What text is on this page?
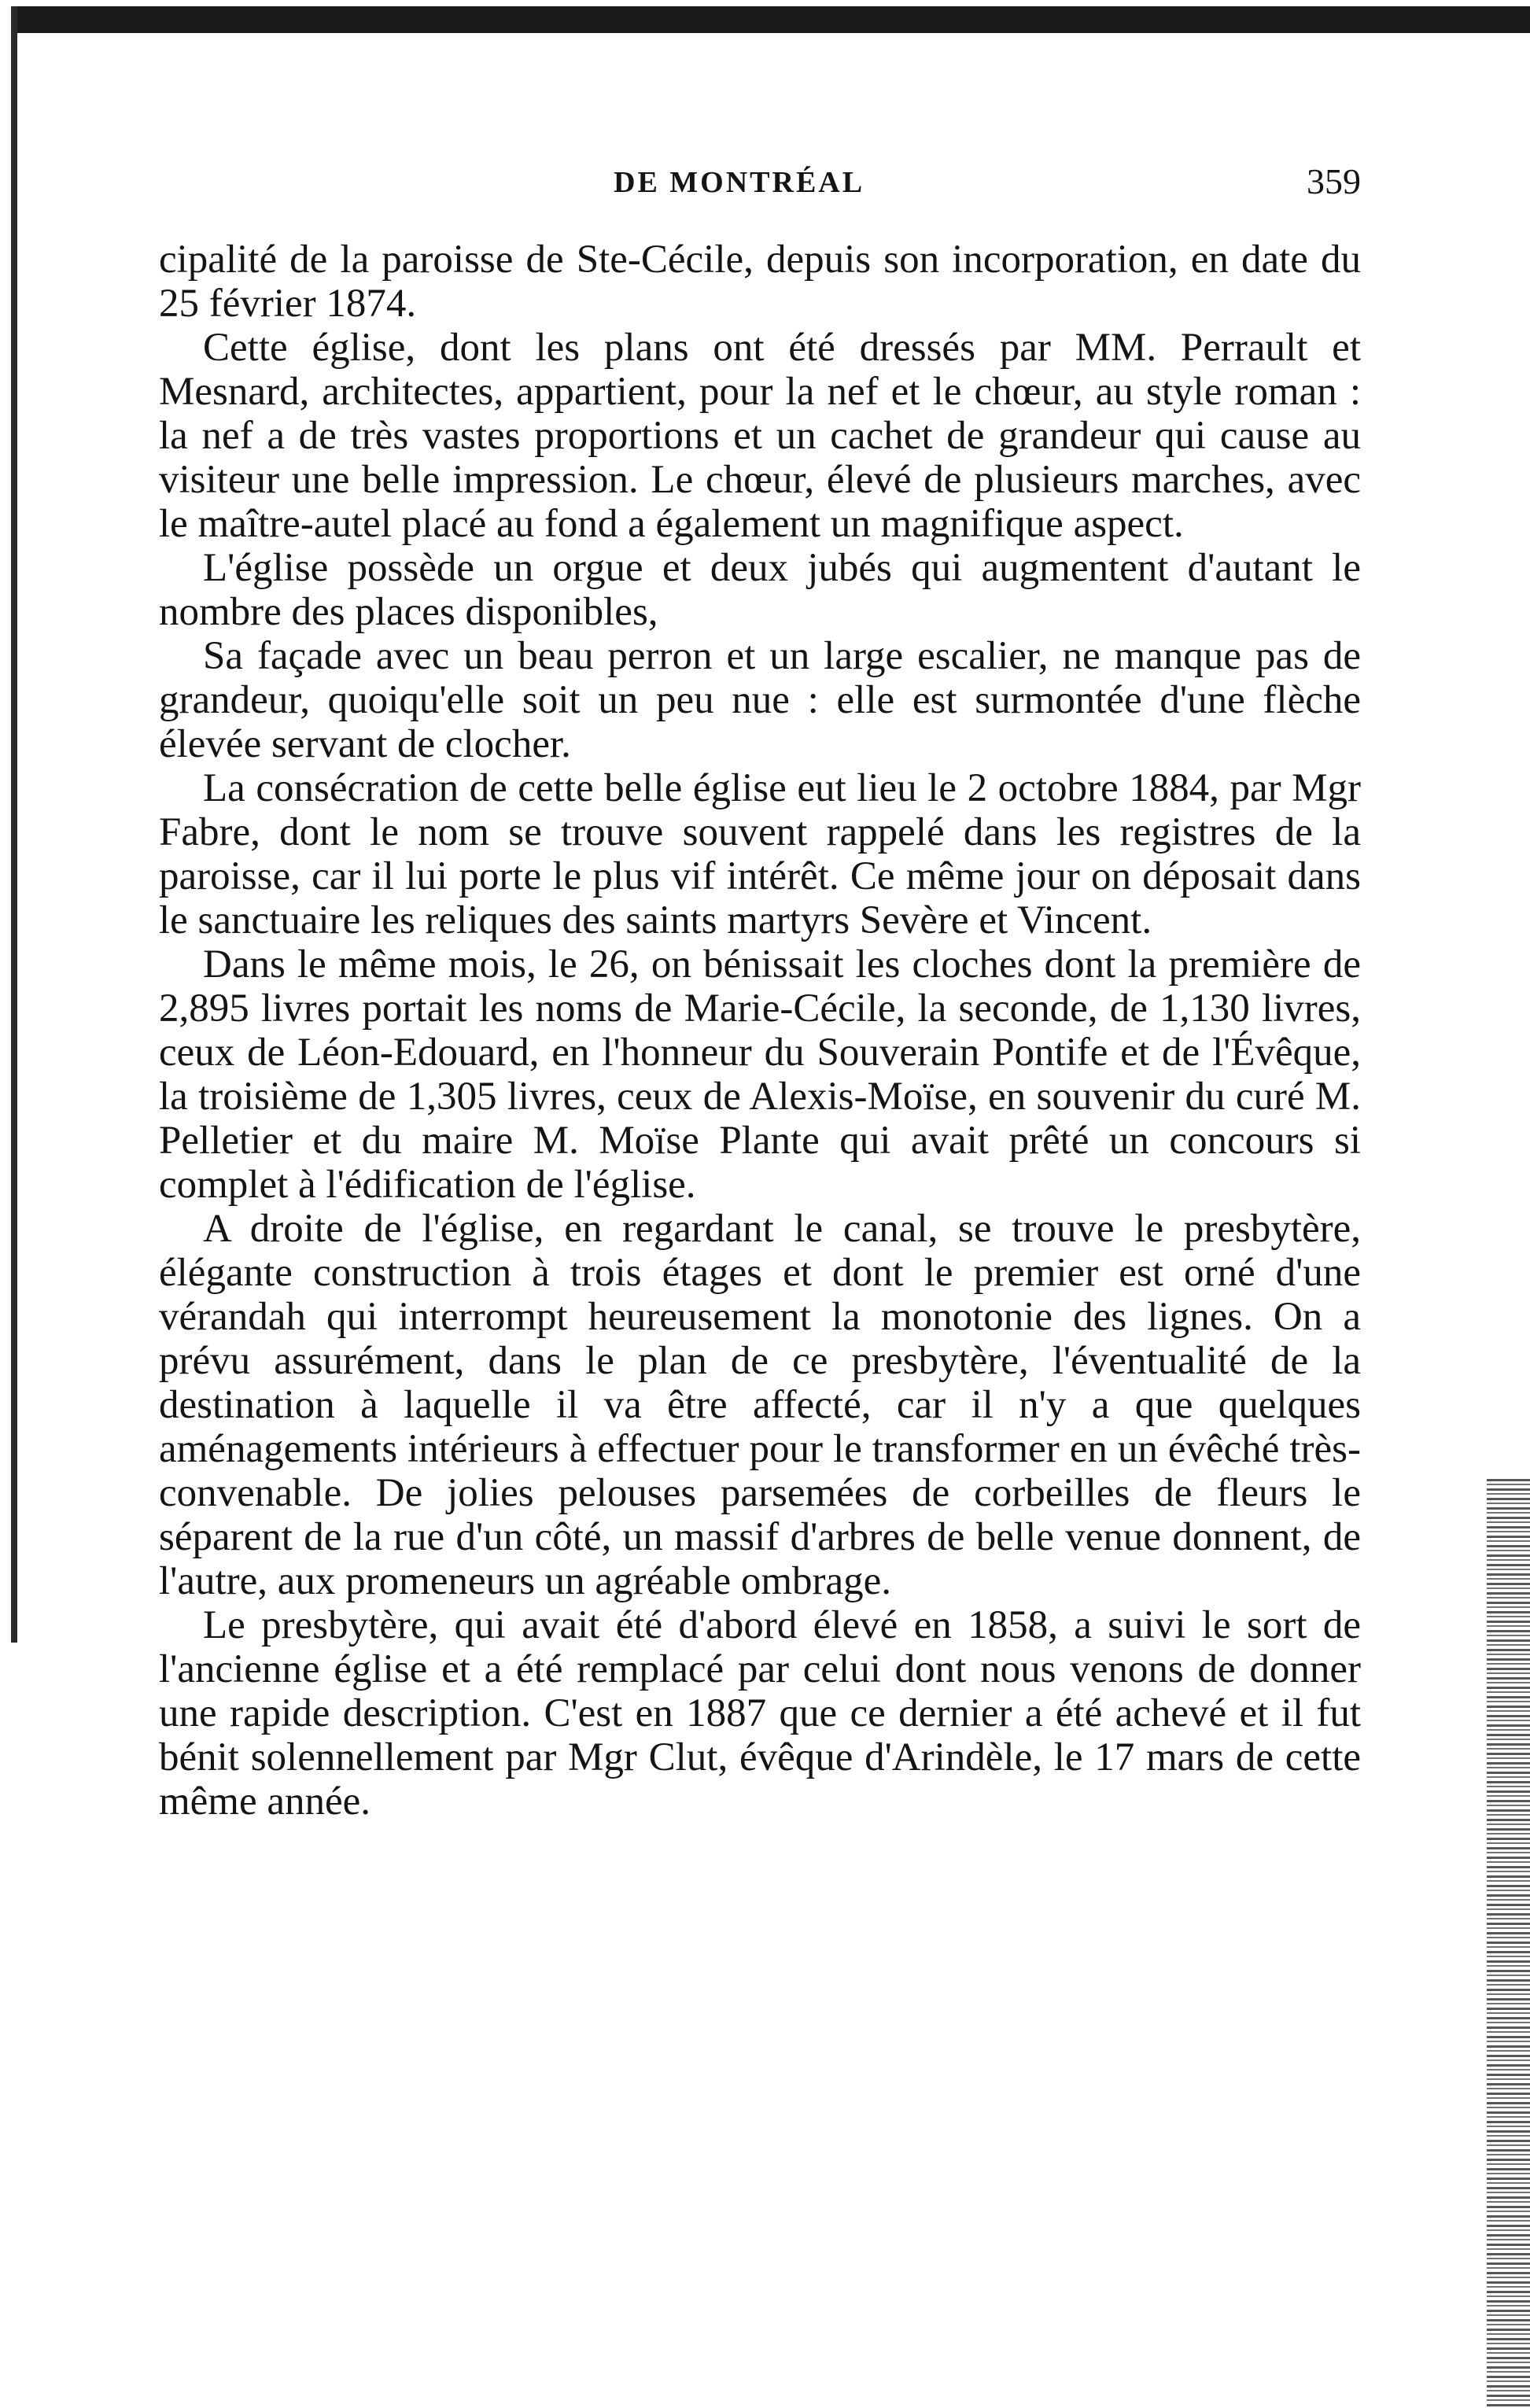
DE MONTRÉAL	359

cipalité de la paroisse de Ste-Cécile, depuis son incorporation, en date du 25 février 1874.

Cette église, dont les plans ont été dressés par MM. Perrault et Mesnard, architectes, appartient, pour la nef et le chœur, au style roman : la nef a de très vastes proportions et un cachet de grandeur qui cause au visiteur une belle impression. Le chœur, élevé de plusieurs marches, avec le maître-autel placé au fond a également un magnifique aspect.

L'église possède un orgue et deux jubés qui augmentent d'autant le nombre des places disponibles,

Sa façade avec un beau perron et un large escalier, ne manque pas de grandeur, quoiqu'elle soit un peu nue : elle est surmontée d'une flèche élevée servant de clocher.

La consécration de cette belle église eut lieu le 2 octobre 1884, par Mgr Fabre, dont le nom se trouve souvent rappelé dans les registres de la paroisse, car il lui porte le plus vif intérêt. Ce même jour on déposait dans le sanctuaire les reliques des saints martyrs Sevère et Vincent.

Dans le même mois, le 26, on bénissait les cloches dont la première de 2,895 livres portait les noms de Marie-Cécile, la seconde, de 1,130 livres, ceux de Léon-Edouard, en l'honneur du Souverain Pontife et de l'Évêque, la troisième de 1,305 livres, ceux de Alexis-Moïse, en souvenir du curé M. Pelletier et du maire M. Moïse Plante qui avait prêté un concours si complet à l'édification de l'église.

A droite de l'église, en regardant le canal, se trouve le presbytère, élégante construction à trois étages et dont le premier est orné d'une vérandah qui interrompt heureusement la monotonie des lignes. On a prévu assurément, dans le plan de ce presbytère, l'éventualité de la destination à laquelle il va être affecté, car il n'y a que quelques aménagements intérieurs à effectuer pour le transformer en un évêché très-convenable. De jolies pelouses parsemées de corbeilles de fleurs le séparent de la rue d'un côté, un massif d'arbres de belle venue donnent, de l'autre, aux promeneurs un agréable ombrage.

Le presbytère, qui avait été d'abord élevé en 1858, a suivi le sort de l'ancienne église et a été remplacé par celui dont nous venons de donner une rapide description. C'est en 1887 que ce dernier a été achevé et il fut bénit solennellement par Mgr Clut, évêque d'Arindèle, le 17 mars de cette même année.
